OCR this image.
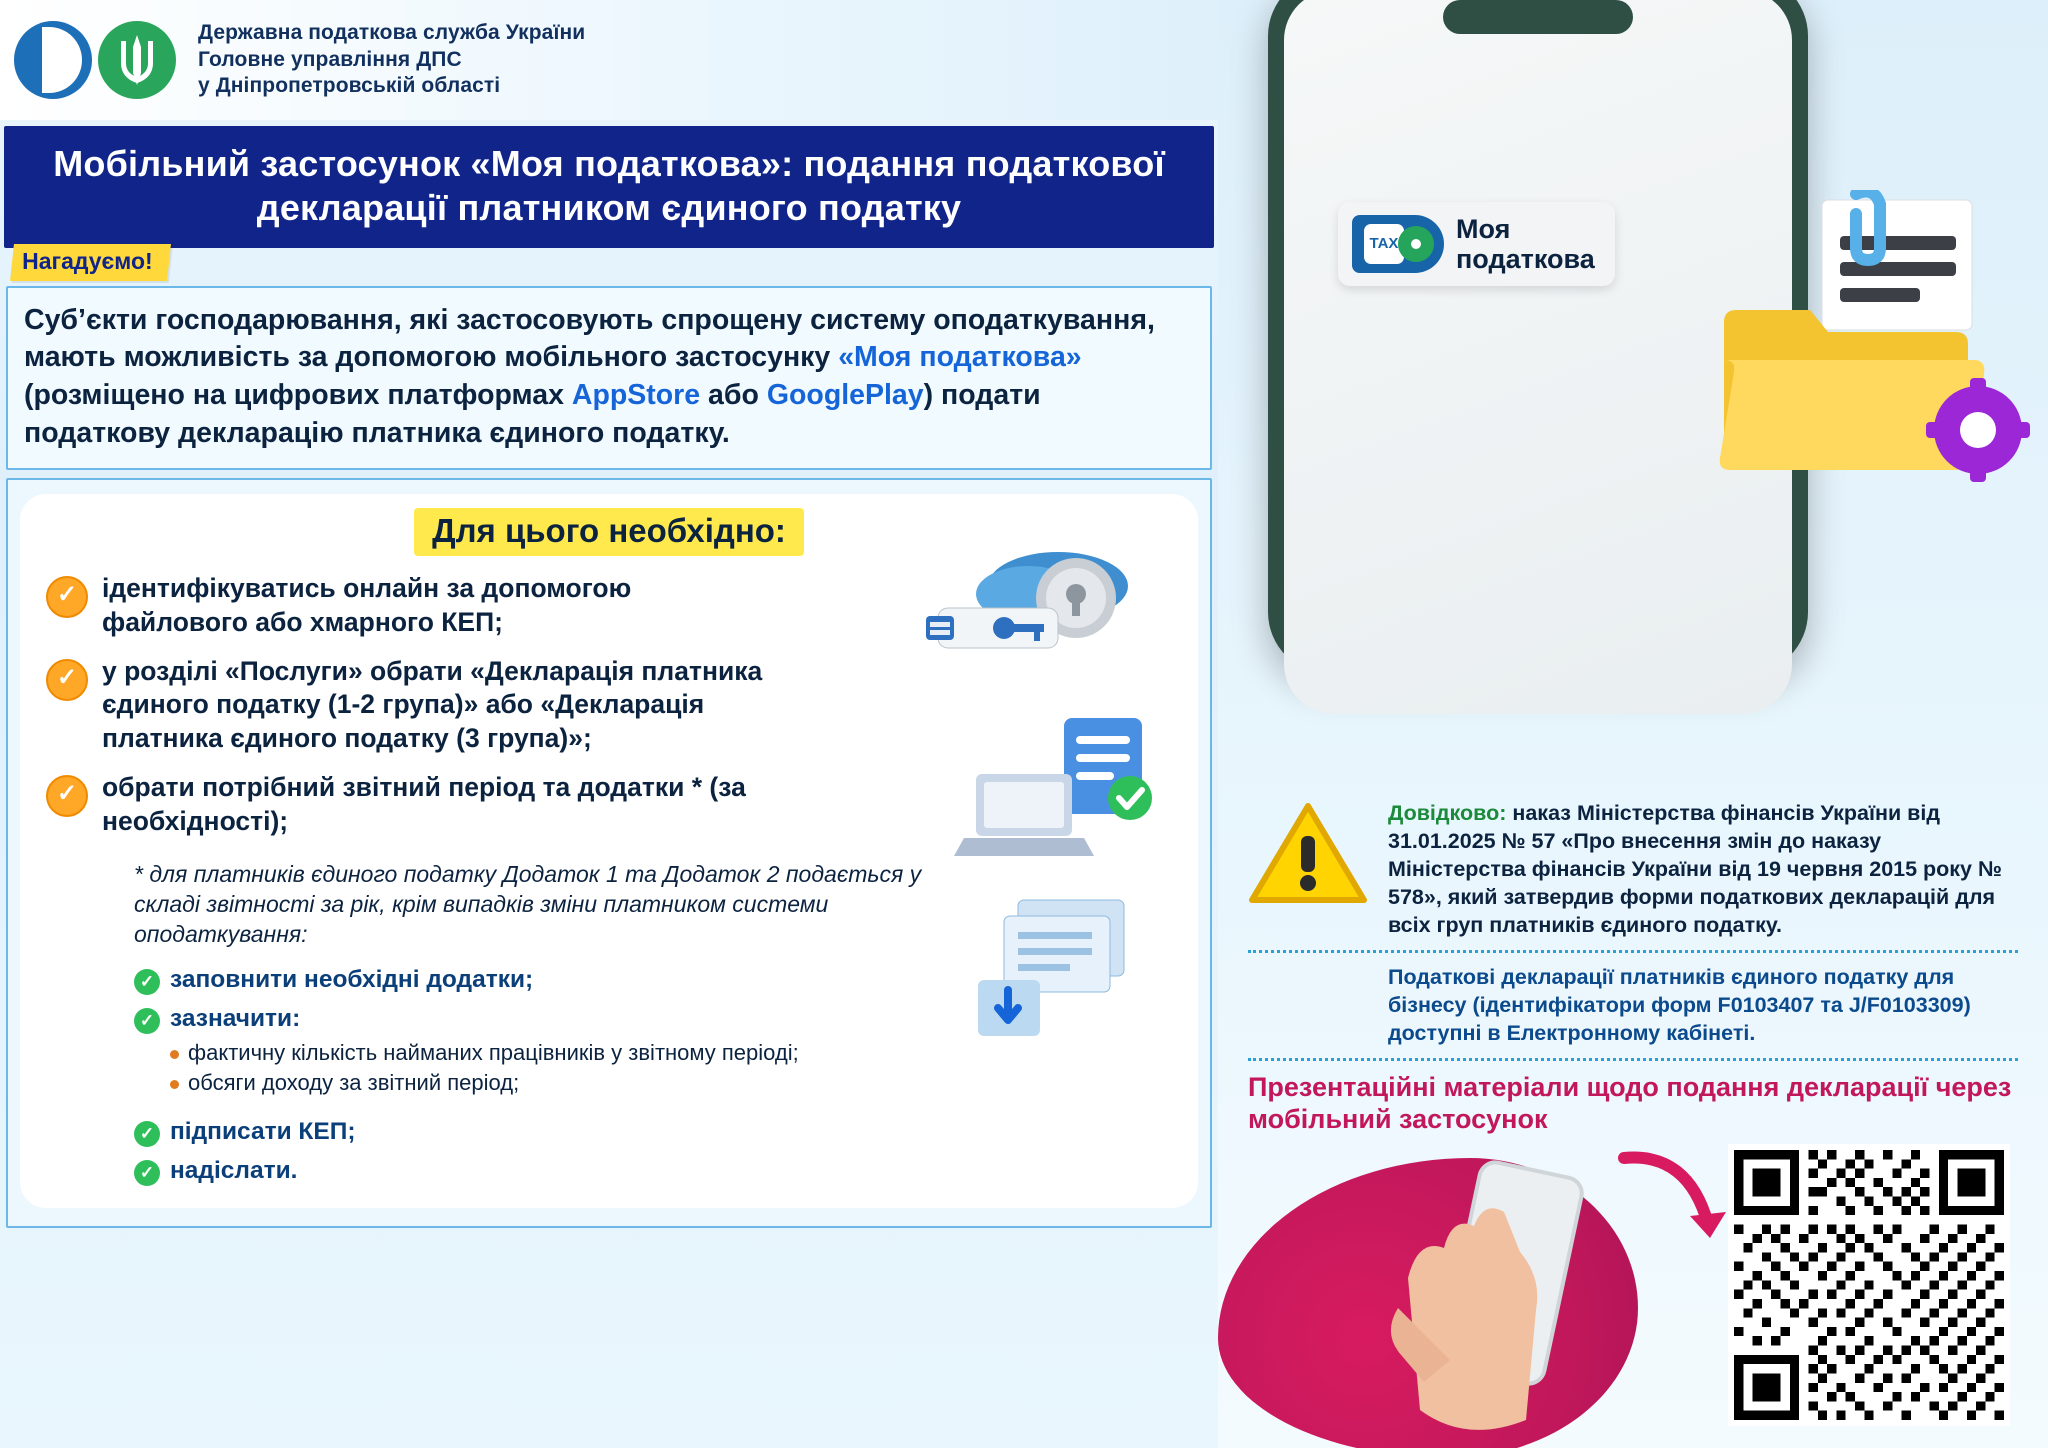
Державна податкова служба України
Головне управління ДПС
у Дніпропетровській області
Мобільний застосунок «Моя податкова»: подання податкової декларації платником єдиного податку
Нагадуємо!

Суб’єкти господарювання, які застосовують спрощену систему оподаткування, мають можливість за допомогою мобільного застосунку «Моя податкова» (розміщено на цифрових платформах AppStore або GooglePlay) подати податкову декларацію платника єдиного податку.

Для цього необхідно:
✓ ідентифікуватись онлайн за допомогою файлового або хмарного КЕП;
✓ у розділі «Послуги» обрати «Декларація платника єдиного податку (1-2 група)» або «Декларація платника єдиного податку (3 група)»;
✓ обрати потрібний звітний період та додатки * (за необхідності);
* для платників єдиного податку Додаток 1 та Додаток 2 подається у складі звітності за рік, крім випадків зміни платником системи оподаткування:
✓ заповнити необхідні додатки;
✓ зазначити:
фактичну кількість найманих працівників у звітному періоді;
обсяги доходу за звітний період;
✓ підписати КЕП;
✓ надіслати.
TAX Моя
податкова
Довідково: наказ Міністерства фінансів України від 31.01.2025 № 57 «Про внесення змін до наказу Міністерства фінансів України від 19 червня 2015 року № 578», який затвердив форми податкових декларацій для всіх груп платників єдиного податку.
Податкові декларації платників єдиного податку для бізнесу (ідентифікатори форм F0103407 та J/F0103309) доступні в Електронному кабінеті.
Презентаційні матеріали щодо подання декларації через мобільний застосунок
